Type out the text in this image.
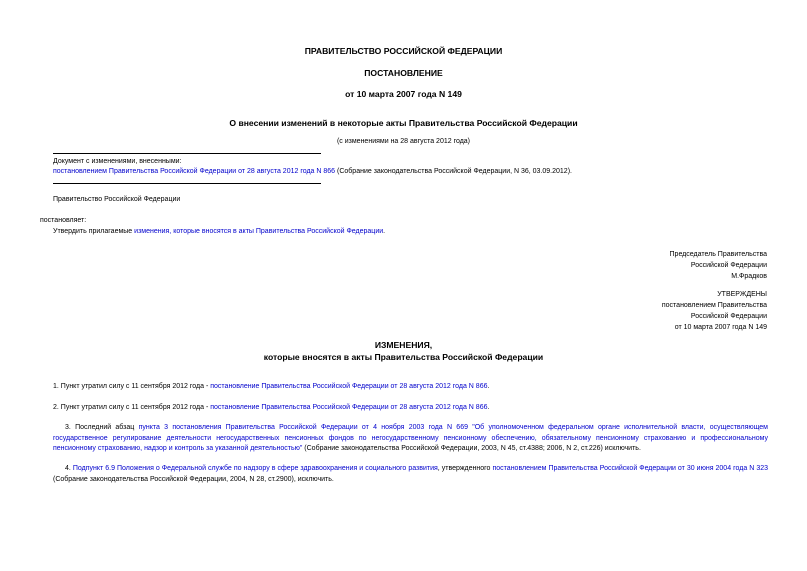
ПРАВИТЕЛЬСТВО РОССИЙСКОЙ ФЕДЕРАЦИИ
ПОСТАНОВЛЕНИЕ
от 10 марта 2007 года N 149
О внесении изменений в некоторые акты Правительства Российской Федерации
(с изменениями на 28 августа 2012 года)
Документ с изменениями, внесенными:
постановлением Правительства Российской Федерации от 28 августа 2012 года N 866 (Собрание законодательства Российской Федерации, N 36, 03.09.2012).
Правительство Российской Федерации
постановляет:
Утвердить прилагаемые изменения, которые вносятся в акты Правительства Российской Федерации.
Председатель Правительства
Российской Федерации
М.Фрадков
УТВЕРЖДЕНЫ
постановлением Правительства
Российской Федерации
от 10 марта 2007 года N 149
ИЗМЕНЕНИЯ,
которые вносятся в акты Правительства Российской Федерации
1. Пункт утратил силу с 11 сентября 2012 года - постановление Правительства Российской Федерации от 28 августа 2012 года N 866.
2. Пункт утратил силу с 11 сентября 2012 года - постановление Правительства Российской Федерации от 28 августа 2012 года N 866.
3. Последний абзац пункта 3 постановления Правительства Российской Федерации от 4 ноября 2003 года N 669 "Об уполномоченном федеральном органе исполнительной власти, осуществляющем государственное регулирование деятельности негосударственных пенсионных фондов по негосударственному пенсионному обеспечению, обязательному пенсионному страхованию и профессиональному пенсионному страхованию, надзор и контроль за указанной деятельностью" (Собрание законодательства Российской Федерации, 2003, N 45, ст.4388; 2006, N 2, ст.226) исключить.
4. Подпункт 6.9 Положения о Федеральной службе по надзору в сфере здравоохранения и социального развития, утвержденного постановлением Правительства Российской Федерации от 30 июня 2004 года N 323 (Собрание законодательства Российской Федерации, 2004, N 28, ст.2900), исключить.
